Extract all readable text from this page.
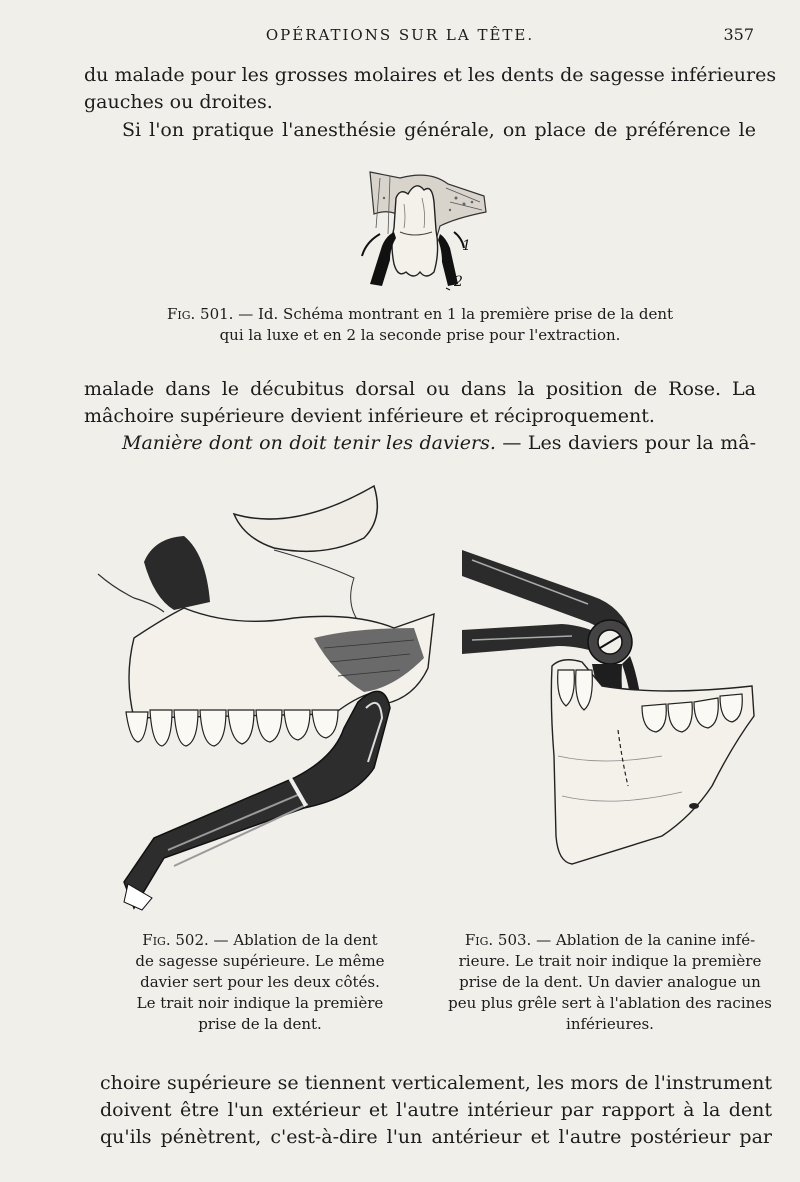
OPÉRATIONS SUR LA TÊTE.	357
du malade pour les grosses molaires et les dents de sagesse inférieures
gauches ou droites.
Si l'on pratique l'anesthésie générale, on place de préférence le
1
2
Fig. 501. — Id. Schéma montrant en 1 la première prise de la dent
qui la luxe et en 2 la seconde prise pour l'extraction.
malade dans le décubitus dorsal ou dans la position de Rose. La
mâchoire supérieure devient inférieure et réciproquement.
Manière dont on doit tenir les daviers. — Les daviers pour la mâ-
Fig. 502. — Ablation de la dent
de sagesse supérieure. Le même
davier sert pour les deux côtés.
Le trait noir indique la première
prise de la dent.
Fig. 503. — Ablation de la canine infé-
rieure. Le trait noir indique la première
prise de la dent. Un davier analogue un
peu plus grêle sert à l'ablation des racines
inférieures.
choire supérieure se tiennent verticalement, les mors de l'instrument
doivent être l'un extérieur et l'autre intérieur par rapport à la dent
qu'ils pénètrent, c'est-à-dire l'un antérieur et l'autre postérieur par
